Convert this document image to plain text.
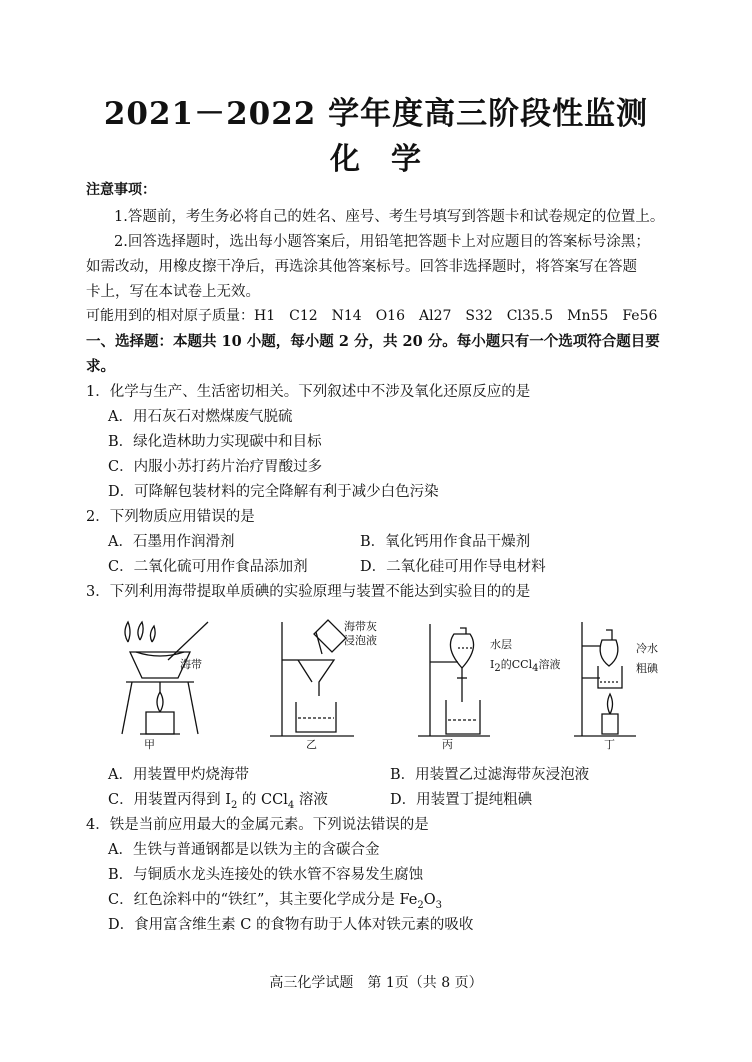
2021－2022 学年度高三阶段性监测
化 学
注意事项：
1.答题前，考生务必将自己的姓名、座号、考生号填写到答题卡和试卷规定的位置上。
2.回答选择题时，选出每小题答案后，用铅笔把答题卡上对应题目的答案标号涂黑；
如需改动，用橡皮擦干净后，再选涂其他答案标号。回答非选择题时，将答案写在答题
卡上，写在本试卷上无效。
可能用到的相对原子质量：H1　C12　N14　O16　Al27　S32　Cl35.5　Mn55　Fe56
一、选择题：本题共 10 小题，每小题 2 分，共 20 分。每小题只有一个选项符合题目要
求。
1．化学与生产、生活密切相关。下列叙述中不涉及氧化还原反应的是
A．用石灰石对燃煤废气脱硫
B．绿化造林助力实现碳中和目标
C．内服小苏打药片治疗胃酸过多
D．可降解包装材料的完全降解有利于减少白色污染
2．下列物质应用错误的是
A．石墨用作润滑剂	B．氧化钙用作食品干燥剂
C．二氧化硫可用作食品添加剂	D．二氧化硅可用作导电材料
3．下列利用海带提取单质碘的实验原理与装置不能达到实验目的的是
海带
甲
海带灰
浸泡液
乙
水层
$I_2$的CCl$_4$溶液
丙
冷水
粗碘
丁
A．用装置甲灼烧海带	B．用装置乙过滤海带灰浸泡液
C．用装置丙得到 $I_2$ 的 CCl$_4$ 溶液	D．用装置丁提纯粗碘
4．铁是当前应用最大的金属元素。下列说法错误的是
A．生铁与普通钢都是以铁为主的含碳合金
B．与铜质水龙头连接处的铁水管不容易发生腐蚀
C．红色涂料中的“铁红”，其主要化学成分是 $Fe_2O_3$
D．食用富含维生素 C 的食物有助于人体对铁元素的吸收
高三化学试题　第 1页（共 8 页）
